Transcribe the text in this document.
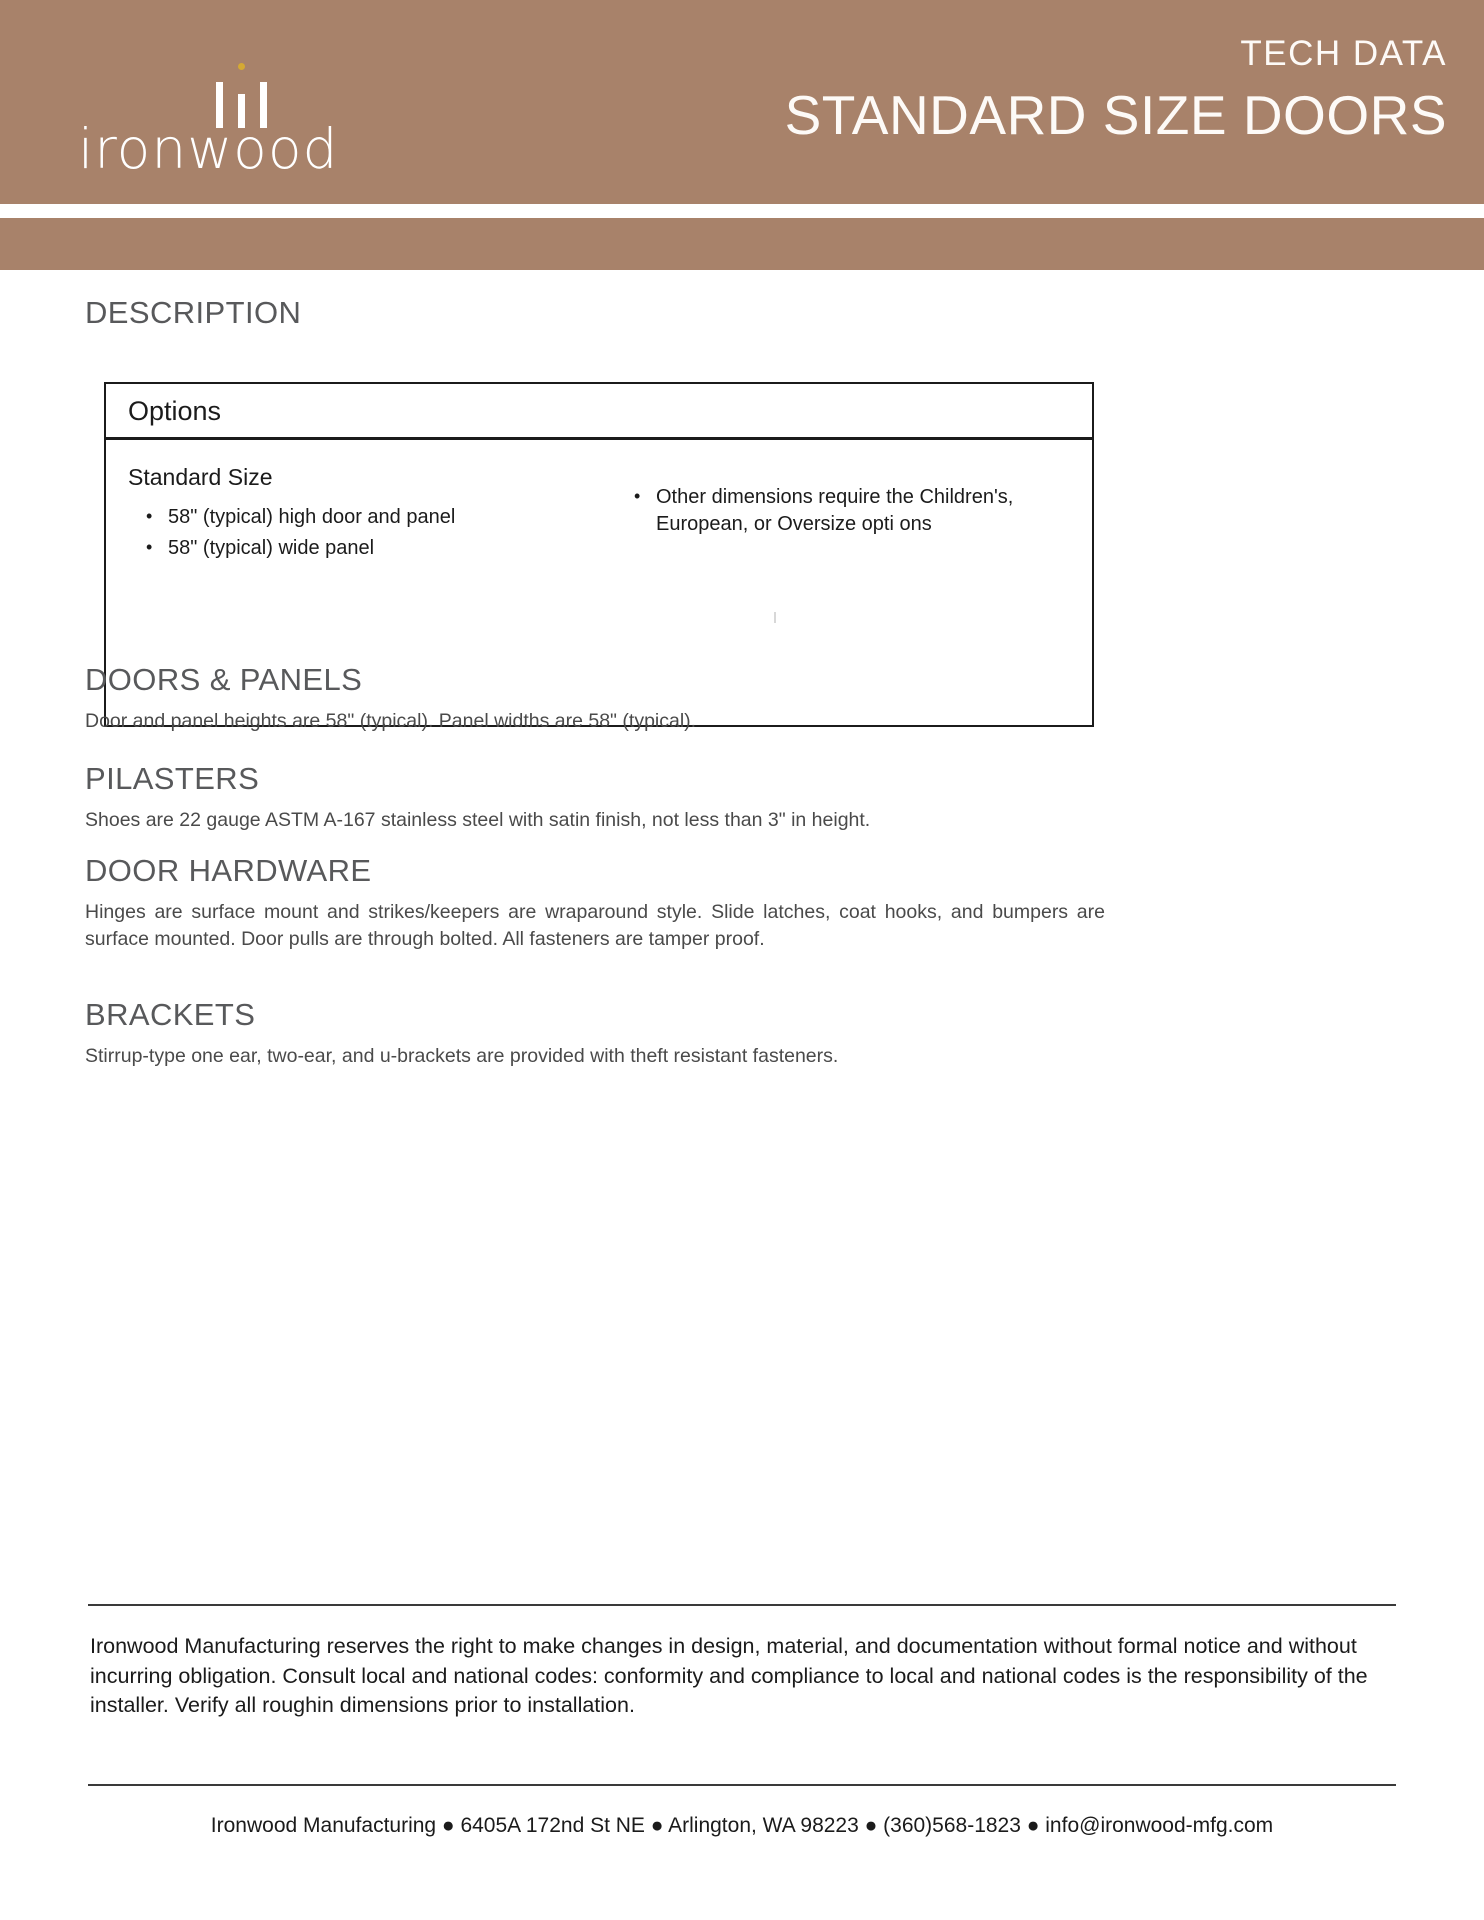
ironwood
TECH DATA
STANDARD SIZE DOORS
DESCRIPTION
Options
Standard Size
• 58" (typical) high door and panel
• 58" (typical) wide panel
• Other dimensions require the Children's, European, or Oversize opti ons
DOORS & PANELS
Door and panel heights are 58" (typical). Panel widths are 58" (typical).
PILASTERS
Shoes are 22 gauge ASTM A-167 stainless steel with satin finish, not less than 3" in height.
DOOR HARDWARE
Hinges are surface mount and strikes/keepers are wraparound style. Slide latches, coat hooks, and bumpers are surface mounted. Door pulls are through bolted. All fasteners are tamper proof.
BRACKETS
Stirrup-type one ear, two-ear, and u-brackets are provided with theft resistant fasteners.
Ironwood Manufacturing reserves the right to make changes in design, material, and documentation without formal notice and without incurring obligation. Consult local and national codes: conformity and compliance to local and national codes is the responsibility of the installer. Verify all roughin dimensions prior to installation.
Ironwood Manufacturing ● 6405A 172nd St NE ● Arlington, WA 98223 ● (360)568-1823 ● info@ironwood-mfg.com
